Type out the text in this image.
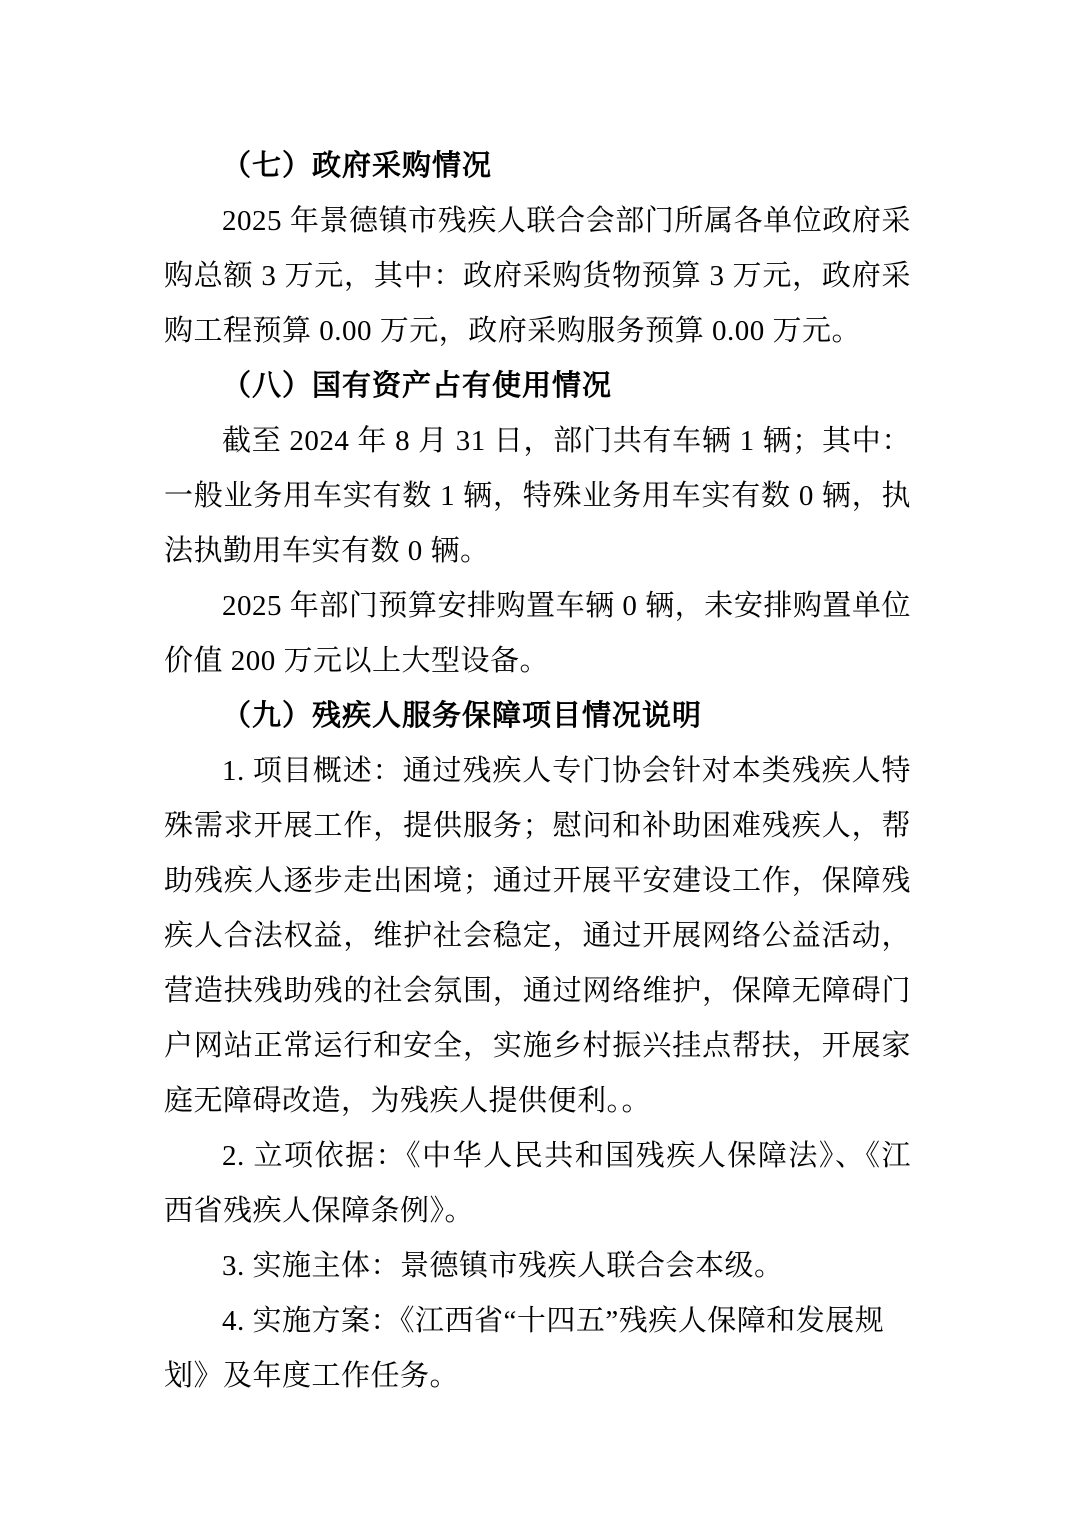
（七）政府采购情况

2025 年景德镇市残疾人联合会部门所属各单位政府采购总额 3 万元，其中：政府采购货物预算 3 万元，政府采购工程预算 0.00 万元，政府采购服务预算 0.00 万元。

（八）国有资产占有使用情况

截至 2024 年 8 月 31 日，部门共有车辆 1 辆；其中：一般业务用车实有数 1 辆，特殊业务用车实有数 0 辆，执法执勤用车实有数 0 辆。

2025 年部门预算安排购置车辆 0 辆，未安排购置单位价值 200 万元以上大型设备。

（九）残疾人服务保障项目情况说明

1. 项目概述：通过残疾人专门协会针对本类残疾人特殊需求开展工作，提供服务；慰问和补助困难残疾人，帮助残疾人逐步走出困境；通过开展平安建设工作，保障残疾人合法权益，维护社会稳定，通过开展网络公益活动，营造扶残助残的社会氛围，通过网络维护，保障无障碍门户网站正常运行和安全，实施乡村振兴挂点帮扶，开展家庭无障碍改造，为残疾人提供便利。。

2. 立项依据：《中华人民共和国残疾人保障法》、《江西省残疾人保障条例》。

3. 实施主体：景德镇市残疾人联合会本级。

4. 实施方案：《江西省“十四五”残疾人保障和发展规划》及年度工作任务。
